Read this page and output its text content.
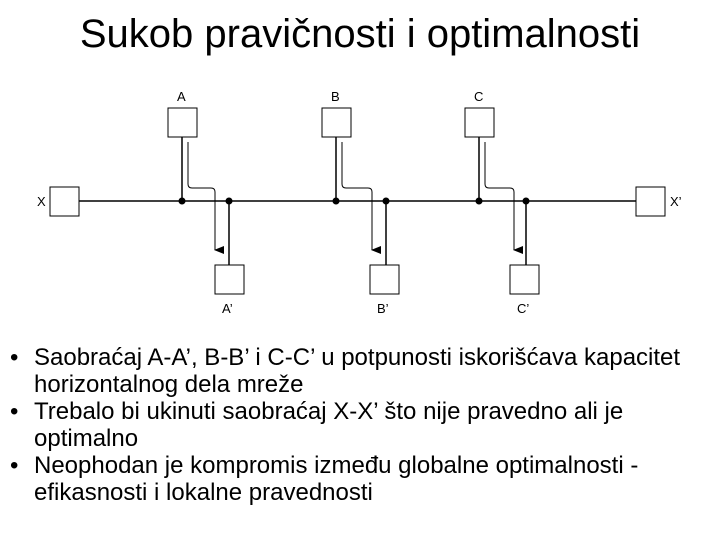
Sukob pravičnosti i optimalnosti
X	X’
A
A’
B
B’
C
C’
• Saobraćaj A-A’, B-B’ i C-C’ u potpunosti iskorišćava kapacitet horizontalnog dela mreže
• Trebalo bi ukinuti saobraćaj X-X’ što nije pravedno ali je optimalno
• Neophodan je kompromis između globalne optimalnosti - efikasnosti i lokalne pravednosti
